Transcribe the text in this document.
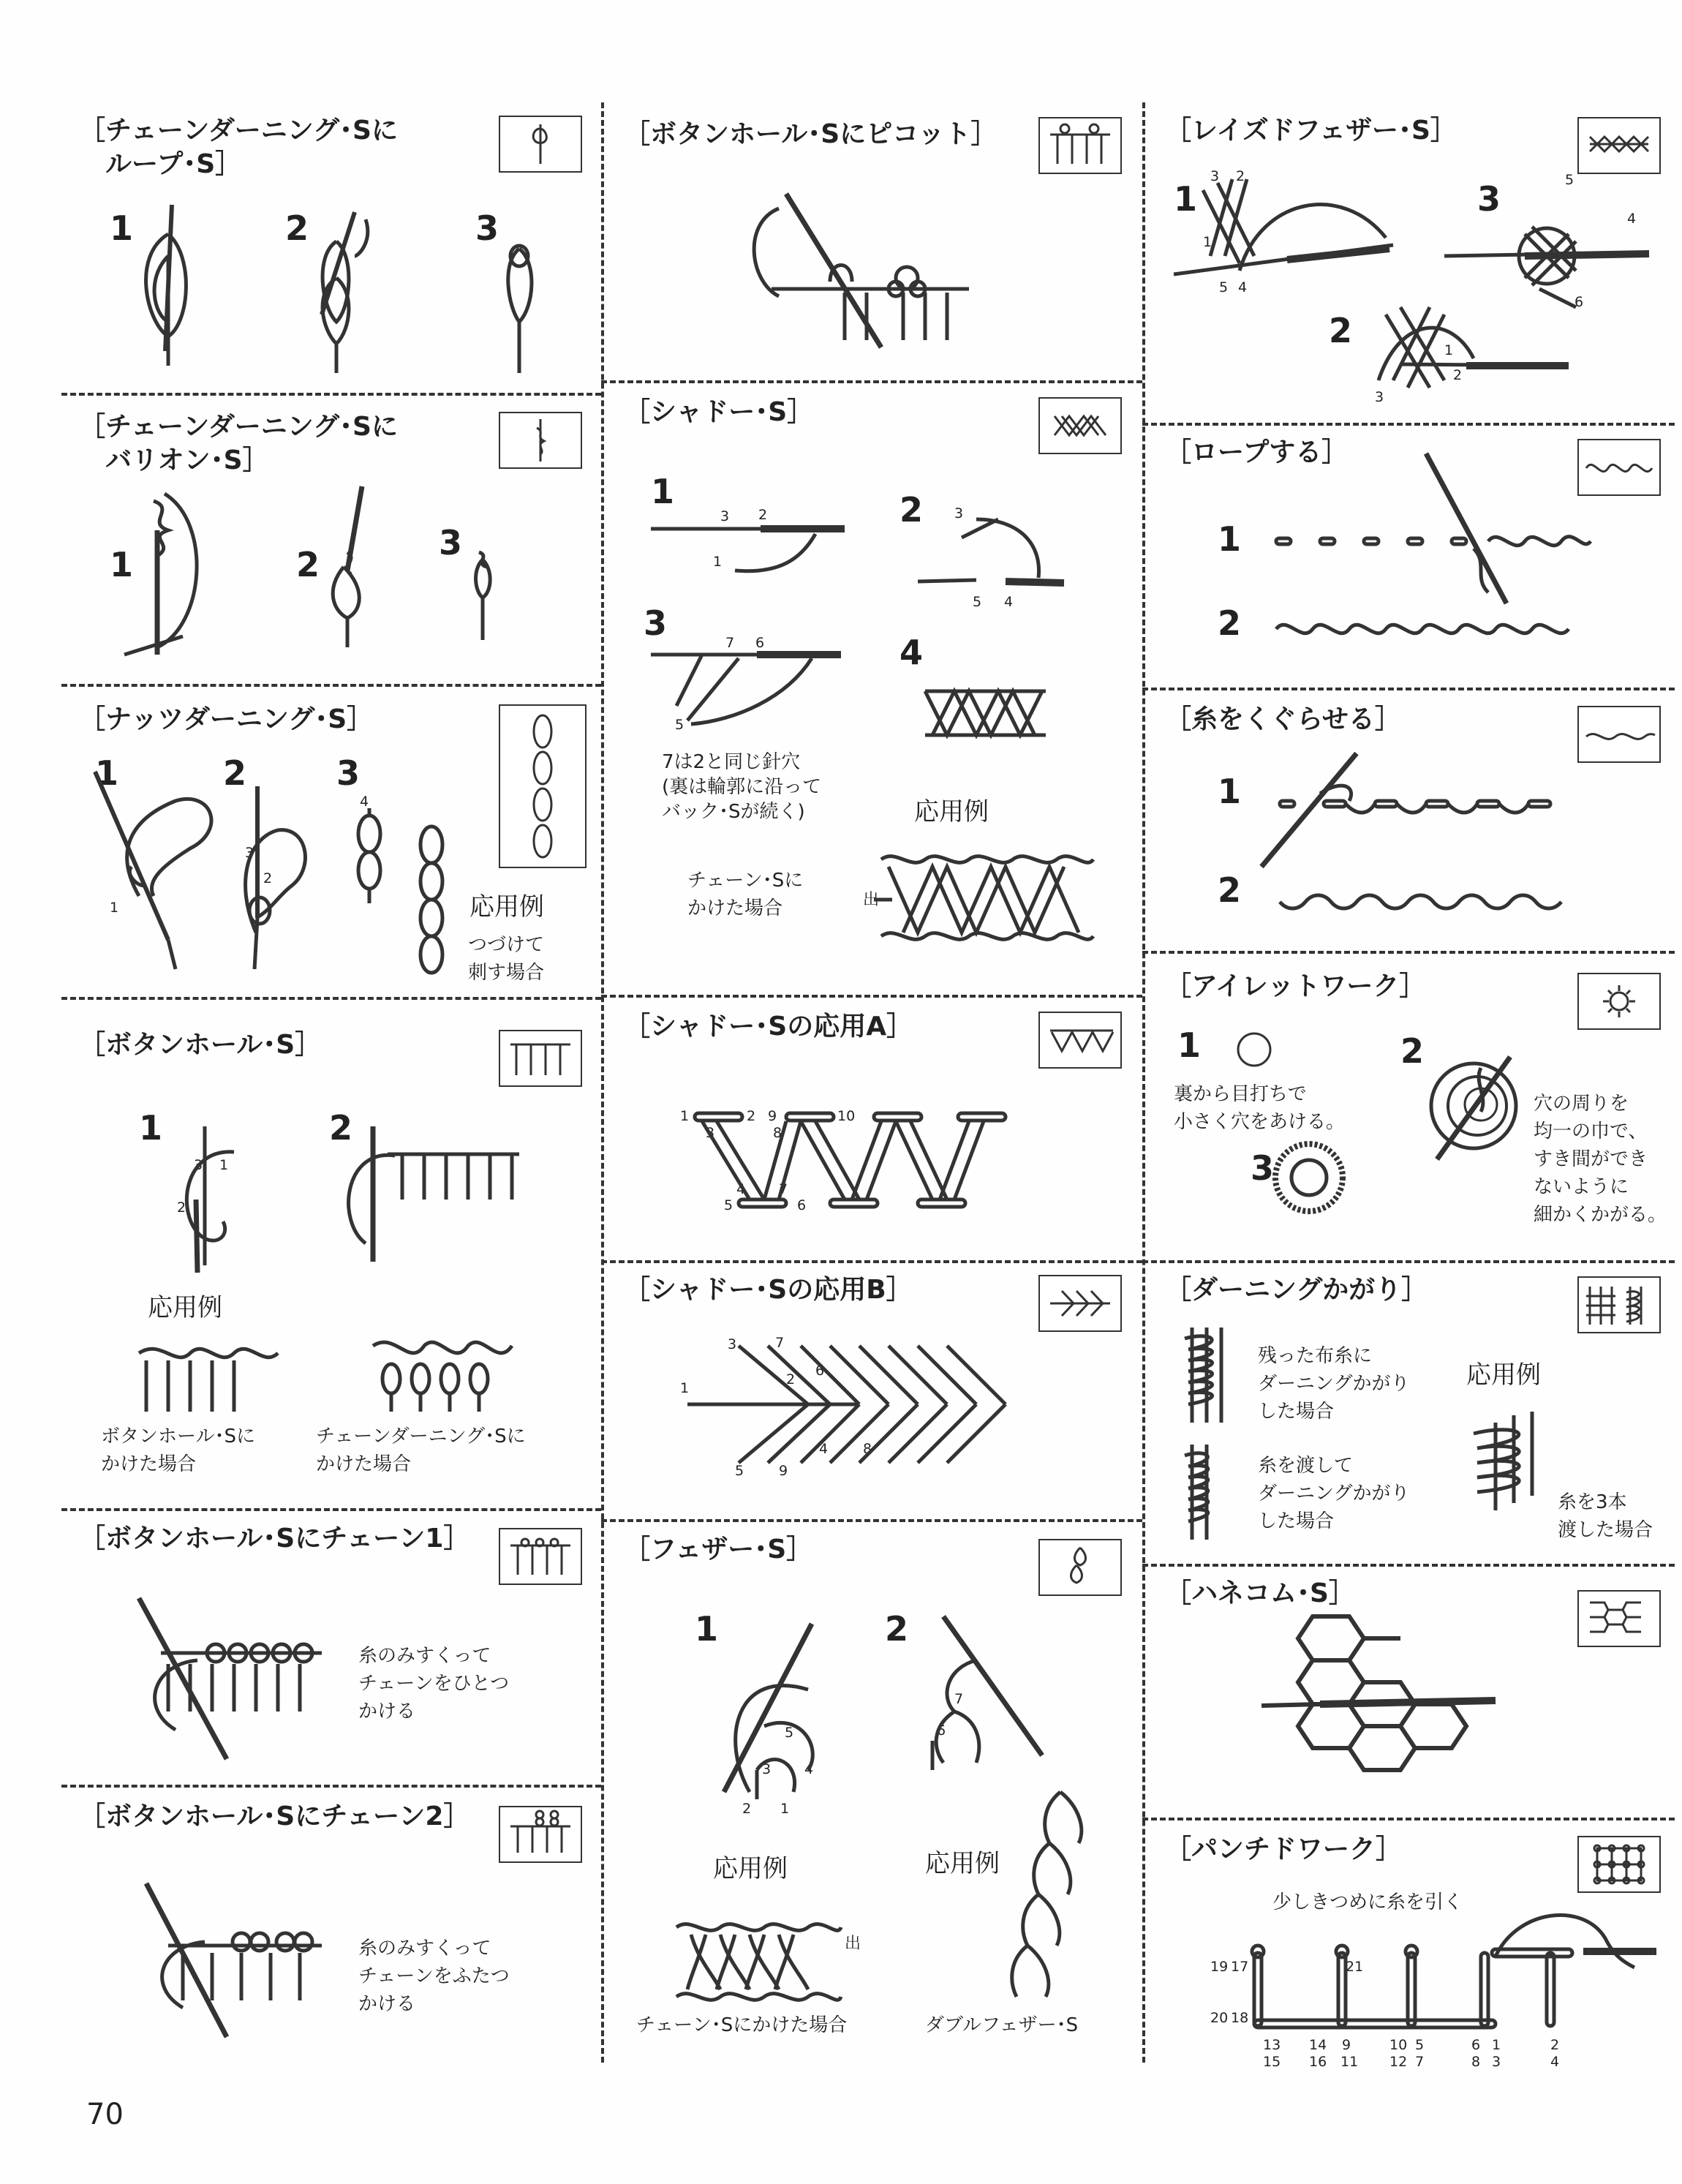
［チェーンダーニング･Sに
　ループ･S］
1	2	3
［チェーンダーニング･Sに
　バリオン･S］
1	2
3
［ナッツダーニング･S］
1	2	3
1
3
2
4
応用例
つづけて
刺す場合
［ボタンホール･S］
1	2
3 1
2
応用例
ボタンホール･Sに
かけた場合
チェーンダーニング･Sに
かけた場合
［ボタンホール･Sにチェーン1］
糸のみすくって
チェーンをひとつ
かける
［ボタンホール･Sにチェーン2］
糸のみすくって
チェーンをふたつ
かける
［ボタンホール･Sにピコット］
［シャドー･S］
1	2
3
4
3 2
1
3
5 4
7 6
5
7は2と同じ針穴
(裏は輪郭に沿って
バック･Sが続く)	応用例
チェーン･Sに
かけた場合	出
［シャドー･Sの応用A］
1	2 9	10
3	8
4 7
5	6
［シャドー･Sの応用B］
3	7
1
2
6
4	8
5	9
［フェザー･S］
1	2
5
3 4
2 1
7
6
応用例	応用例
出
チェーン･Sにかけた場合	ダブルフェザー･S
［レイズドフェザー･S］
1	3
2
3 2
1
5 4
5
4
6
1
2
3
［ロープする］
1
2
［糸をくぐらせる］
1
2
［アイレットワーク］
1	2
3
裏から目打ちで
小さく穴をあける。
穴の周りを
均一の巾で、
すき間ができ
ないように
細かくかがる。
［ダーニングかがり］
残った布糸に
ダーニングかがり
した場合
糸を渡して
ダーニングかがり
した場合
応用例
糸を3本
渡した場合
［ハネコム･S］
［パンチドワーク］
少しきつめに糸を引く
19 17	21
20 18
13
15
14
16
9
11
10
12
5
7
6
8
1
3
2
4
70
